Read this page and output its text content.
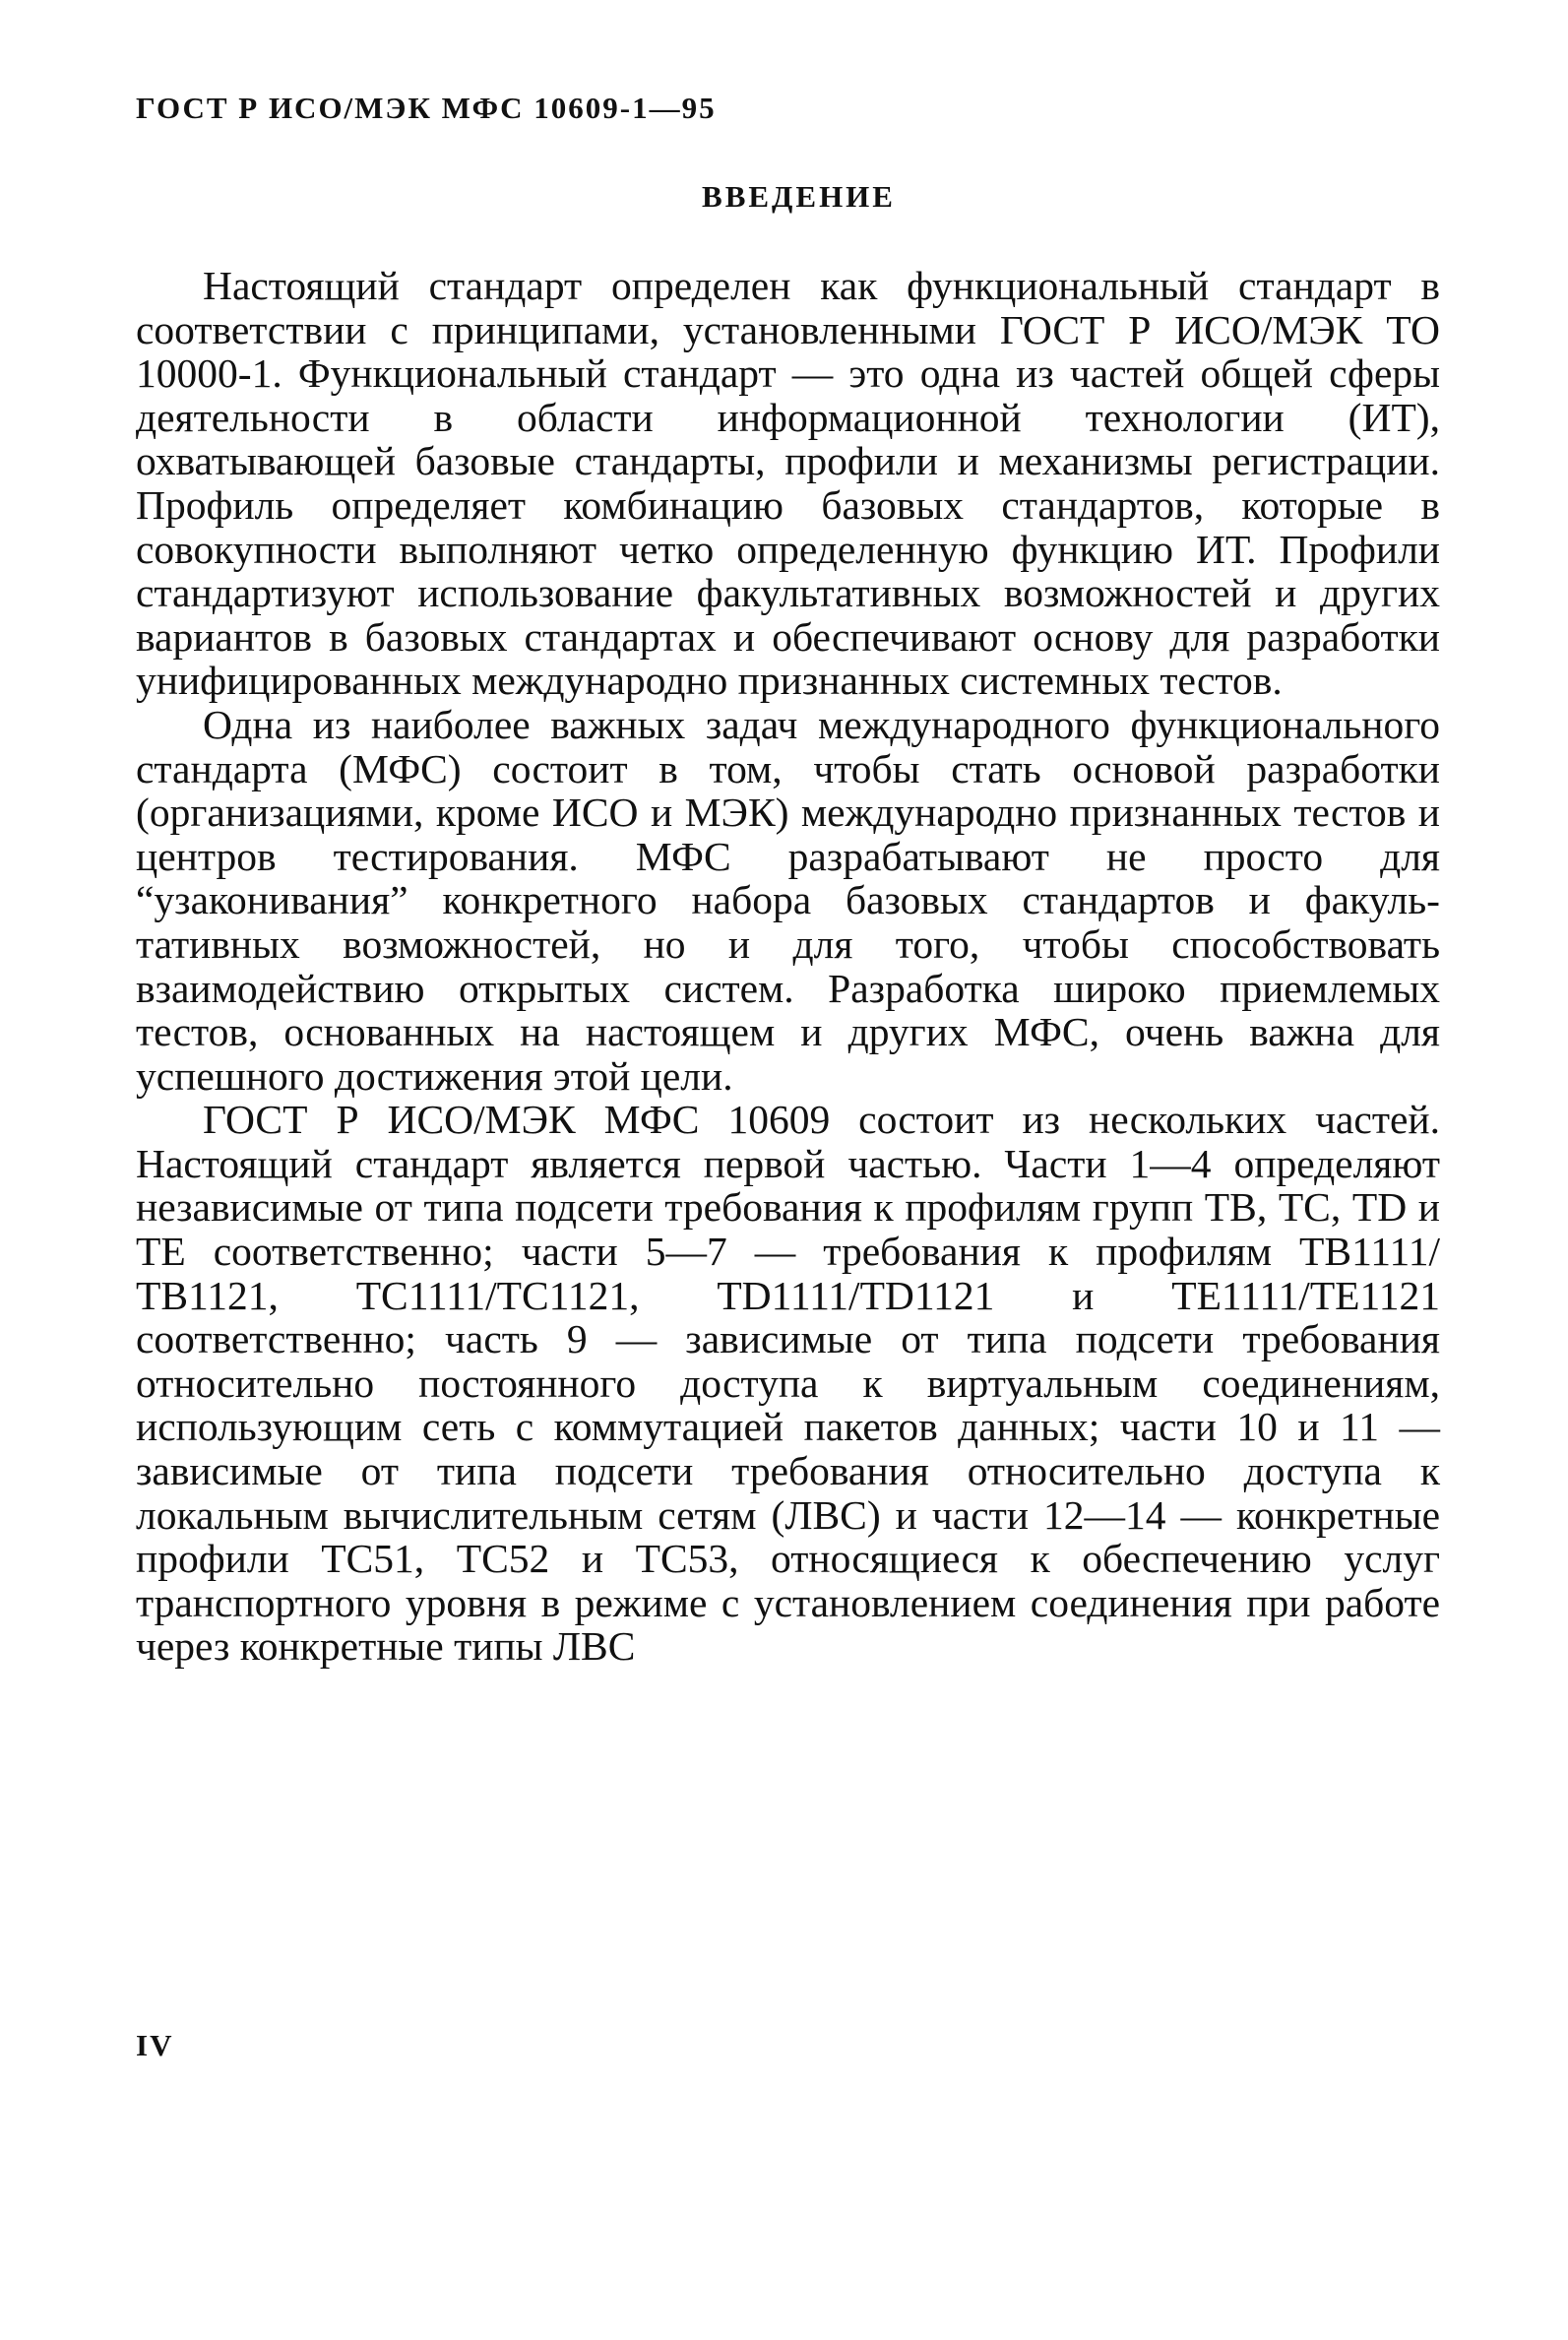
ГОСТ Р ИСО/МЭК МФС 10609-1—95
ВВЕДЕНИЕ

Настоящий стандарт определен как функциональный стандарт в соответствии с принципами, установленными ГОСТ Р ИСО/МЭК ТО 10000-1. Функциональный стандарт — это одна из частей общей сферы деятельности в области информационной технологии (ИТ), охватывающей базовые стандарты, профили и механизмы регистрации. Профиль определяет комбинацию базовых стандартов, которые в совокупности выполняют четко определенную функцию ИТ. Профили стандартизуют использование факультативных возможностей и других вариантов в базовых стандартах и обеспечивают основу для разработки унифицированных международно признанных системных тестов.

Одна из наиболее важных задач международного функционального стандарта (МФС) состоит в том, чтобы стать основой разработки (организациями, кроме ИСО и МЭК) международно признанных тестов и центров тестирования. МФС разрабатывают не просто для “узаконивания” конкретного набора базовых стандартов и факультативных возможностей, но и для того, чтобы способствовать взаимодействию открытых систем. Разработка широко приемлемых тестов, основанных на настоящем и других МФС, очень важна для успешного достижения этой цели.

ГОСТ Р ИСО/МЭК МФС 10609 состоит из нескольких частей. Настоящий стандарт является первой частью. Части 1—4 определяют независимые от типа подсети требования к профилям групп ТВ, ТС, TD и ТЕ соответственно; части 5—7 — требования к профилям ТВ1111/ТВ1121, ТС1111/ТС1121, TD1111/TD1121 и ТЕ1111/ТЕ1121 соответственно; часть 9 — зависимые от типа подсети требования относительно постоянного доступа к виртуальным соединениям, использующим сеть с коммутацией пакетов данных; части 10 и 11 — зависимые от типа подсети требования относительно доступа к локальным вычислительным сетям (ЛВС) и части 12—14 — конкретные профили ТС51, ТС52 и ТС53, относящиеся к обеспечению услуг транспортного уровня в режиме с установлением соединения при работе через конкретные типы ЛВС

IV
